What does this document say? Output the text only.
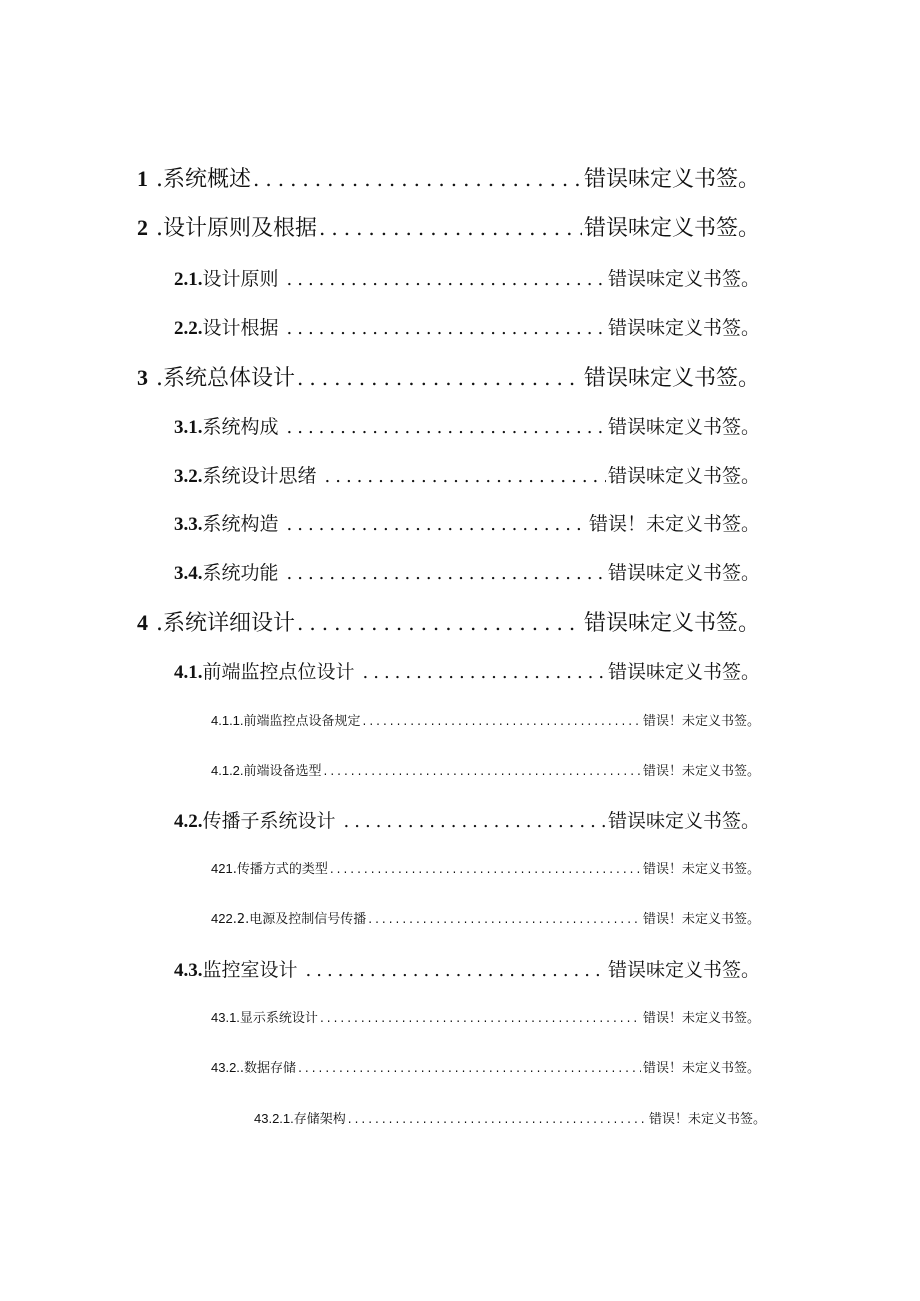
1 .系统概述 .....	错误味定义书签。
2 .设计原则及根据 .....	错误味定义书签。
2.1. 设计原则 .....	错误味定义书签。
2.2. 设计根据 .....	错误味定义书签。
3 .系统总体设计 .....	错误味定义书签。
3.1. 系统构成 .....	错误味定义书签。
3.2. 系统设计思绪 .....	错误味定义书签。
3.3. 系统构造 .....	错误！未定义书签。
3.4. 系统功能 .....	错误味定义书签。
4 .系统详细设计 .....	错误味定义书签。
4.1. 前端监控点位设计 .....	错误味定义书签。
4.1.1. 前端监控点设备规定 .....	错误！未定义书签。
4.1.2. 前端设备选型 .....	错误！未定义书签。
4.2. 传播子系统设计 .....	错误味定义书签。
421 .传播方式的类型 .....	错误！未定义书签。
422 .2.电源及控制信号传播 .....	错误！未定义书签。
4.3. 监控室设计 .....	错误味定义书签。
43.1. 显示系统设计 .....	错误！未定义书签。
43.2. .数据存储 .....	错误！未定义书签。
43.2.1. 存储架构 .....	错误！未定义书签。
